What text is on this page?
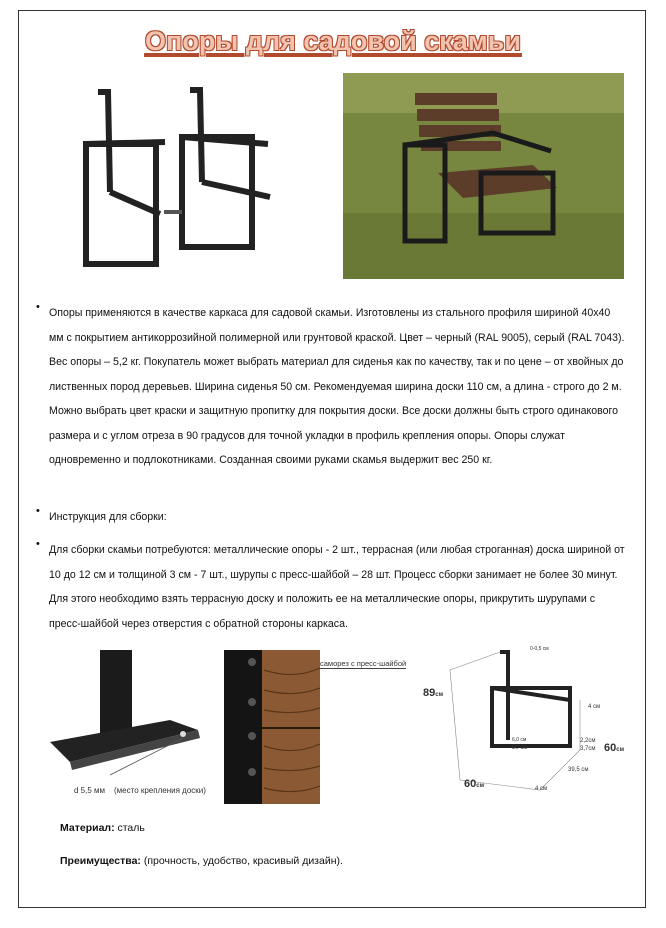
Опоры для садовой скамьи
• Опоры применяются в качестве каркаса для садовой скамьи. Изготовлены из стального профиля шириной 40х40 мм с покрытием антикоррозийной полимерной или грунтовой краской. Цвет – черный (RAL 9005), серый (RAL 7043). Вес опоры – 5,2 кг. Покупатель может выбрать материал для сиденья как по качеству, так и по цене – от хвойных до лиственных пород деревьев. Ширина сиденья 50 см. Рекомендуемая ширина доски 110 см, а длина - строго до 2 м. Можно выбрать цвет краски и защитную пропитку для покрытия доски. Все доски должны быть строго одинакового размера и с углом отреза в 90 градусов для точной укладки в профиль крепления опоры. Опоры служат одновременно и подлокотниками. Созданная своими руками скамья выдержит вес 250 кг.
• Инструкция для сборки:
• Для сборки скамьи потребуются: металлические опоры - 2 шт., террасная (или любая строганная) доска шириной от 10 до 12 см и толщиной 3 см - 7 шт., шурупы с пресс-шайбой – 28 шт. Процесс сборки занимает не более 30 минут. Для этого необходимо взять террасную доску и положить ее на металлические опоры, прикрутить шурупами с пресс-шайбой через отверстия с обратной стороны каркаса.
d 5,5 мм (место крепления доски)
саморез с пресс-шайбой
89см
60см
60см
0-0,5 см
4 см
2,2см
3,7см
50 см
39,5 см
4 см
6,0 см
Материал: сталь
Преимущества: (прочность, удобство, красивый дизайн).
